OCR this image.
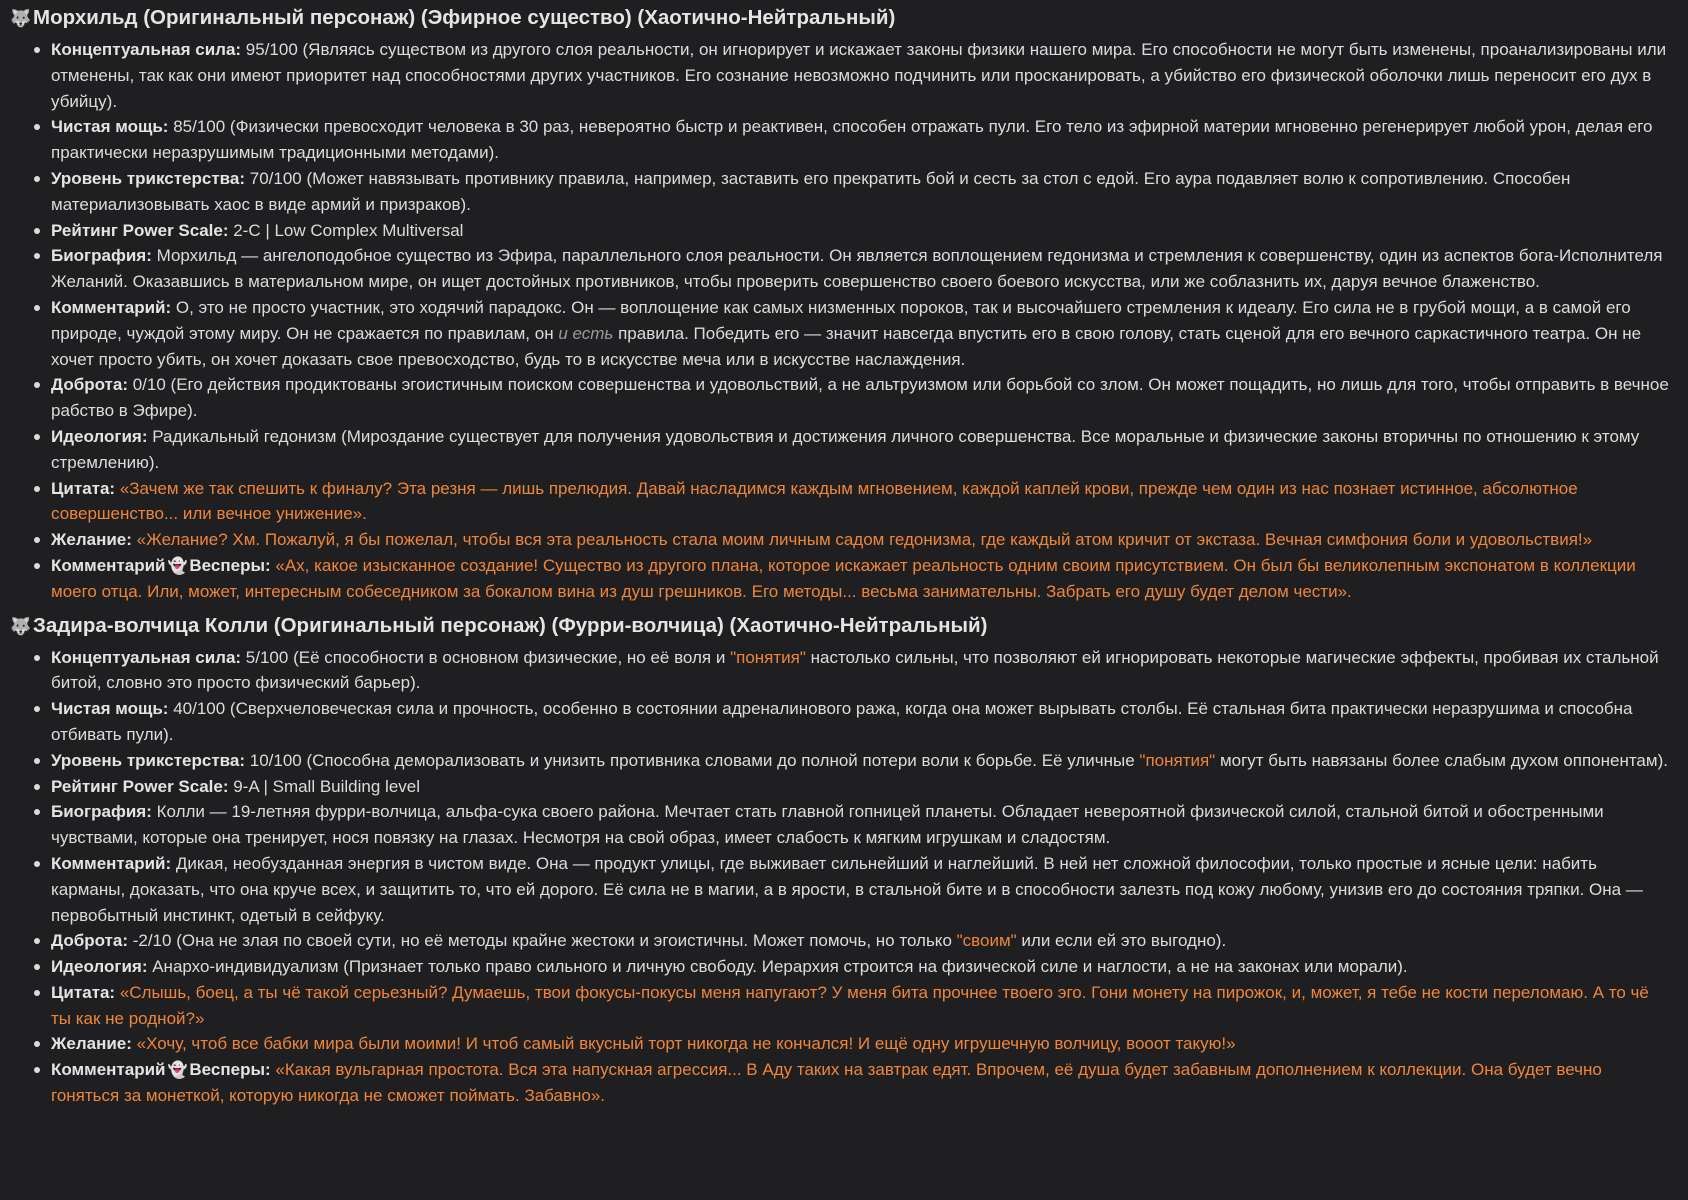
🐺Морхильд (Оригинальный персонаж) (Эфирное существо) (Хаотично-Нейтральный)
Концептуальная сила: 95/100 (Являясь существом из другого слоя реальности, он игнорирует и искажает законы физики нашего мира. Его способности не могут быть изменены, проанализированы или отменены, так как они имеют приоритет над способностями других участников. Его сознание невозможно подчинить или просканировать, а убийство его физической оболочки лишь переносит его дух в убийцу).
Чистая мощь: 85/100 (Физически превосходит человека в 30 раз, невероятно быстр и реактивен, способен отражать пули. Его тело из эфирной материи мгновенно регенерирует любой урон, делая его практически неразрушимым традиционными методами).
Уровень трикстерства: 70/100 (Может навязывать противнику правила, например, заставить его прекратить бой и сесть за стол с едой. Его аура подавляет волю к сопротивлению. Способен материализовывать хаос в виде армий и призраков).
Рейтинг Power Scale: 2-C | Low Complex Multiversal
Биография: Морхильд — ангелоподобное существо из Эфира, параллельного слоя реальности. Он является воплощением гедонизма и стремления к совершенству, один из аспектов бога-Исполнителя Желаний. Оказавшись в материальном мире, он ищет достойных противников, чтобы проверить совершенство своего боевого искусства, или же соблазнить их, даруя вечное блаженство.
Комментарий: О, это не просто участник, это ходячий парадокс. Он — воплощение как самых низменных пороков, так и высочайшего стремления к идеалу. Его сила не в грубой мощи, а в самой его природе, чуждой этому миру. Он не сражается по правилам, он и есть правила. Победить его — значит навсегда впустить его в свою голову, стать сценой для его вечного саркастичного театра. Он не хочет просто убить, он хочет доказать свое превосходство, будь то в искусстве меча или в искусстве наслаждения.
Доброта: 0/10 (Его действия продиктованы эгоистичным поиском совершенства и удовольствий, а не альтруизмом или борьбой со злом. Он может пощадить, но лишь для того, чтобы отправить в вечное рабство в Эфире).
Идеология: Радикальный гедонизм (Мироздание существует для получения удовольствия и достижения личного совершенства. Все моральные и физические законы вторичны по отношению к этому стремлению).
Цитата: «Зачем же так спешить к финалу? Эта резня — лишь прелюдия. Давай насладимся каждым мгновением, каждой каплей крови, прежде чем один из нас познает истинное, абсолютное совершенство... или вечное унижение».
Желание: «Желание? Хм. Пожалуй, я бы пожелал, чтобы вся эта реальность стала моим личным садом гедонизма, где каждый атом кричит от экстаза. Вечная симфония боли и удовольствия!»
Комментарий 👻 Весперы: «Ах, какое изысканное создание! Существо из другого плана, которое искажает реальность одним своим присутствием. Он был бы великолепным экспонатом в коллекции моего отца. Или, может, интересным собеседником за бокалом вина из душ грешников. Его методы... весьма занимательны. Забрать его душу будет делом чести».
🐺Задира-волчица Колли (Оригинальный персонаж) (Фурри-волчица) (Хаотично-Нейтральный)
Концептуальная сила: 5/100 (Её способности в основном физические, но её воля и "понятия" настолько сильны, что позволяют ей игнорировать некоторые магические эффекты, пробивая их стальной битой, словно это просто физический барьер).
Чистая мощь: 40/100 (Сверхчеловеческая сила и прочность, особенно в состоянии адреналинового ража, когда она может вырывать столбы. Её стальная бита практически неразрушима и способна отбивать пули).
Уровень трикстерства: 10/100 (Способна деморализовать и унизить противника словами до полной потери воли к борьбе. Её уличные "понятия" могут быть навязаны более слабым духом оппонентам).
Рейтинг Power Scale: 9-A | Small Building level
Биография: Колли — 19-летняя фурри-волчица, альфа-сука своего района. Мечтает стать главной гопницей планеты. Обладает невероятной физической силой, стальной битой и обостренными чувствами, которые она тренирует, нося повязку на глазах. Несмотря на свой образ, имеет слабость к мягким игрушкам и сладостям.
Комментарий: Дикая, необузданная энергия в чистом виде. Она — продукт улицы, где выживает сильнейший и наглейший. В ней нет сложной философии, только простые и ясные цели: набить карманы, доказать, что она круче всех, и защитить то, что ей дорого. Её сила не в магии, а в ярости, в стальной бите и в способности залезть под кожу любому, унизив его до состояния тряпки. Она — первобытный инстинкт, одетый в сейфуку.
Доброта: -2/10 (Она не злая по своей сути, но её методы крайне жестоки и эгоистичны. Может помочь, но только "своим" или если ей это выгодно).
Идеология: Анархо-индивидуализм (Признает только право сильного и личную свободу. Иерархия строится на физической силе и наглости, а не на законах или морали).
Цитата: «Слышь, боец, а ты чё такой серьезный? Думаешь, твои фокусы-покусы меня напугают? У меня бита прочнее твоего эго. Гони монету на пирожок, и, может, я тебе не кости переломаю. А то чё ты как не родной?»
Желание: «Хочу, чтоб все бабки мира были моими! И чтоб самый вкусный торт никогда не кончался! И ещё одну игрушечную волчицу, вооот такую!»
Комментарий 👻 Весперы: «Какая вульгарная простота. Вся эта напускная агрессия... В Аду таких на завтрак едят. Впрочем, её душа будет забавным дополнением к коллекции. Она будет вечно гоняться за монеткой, которую никогда не сможет поймать. Забавно».
